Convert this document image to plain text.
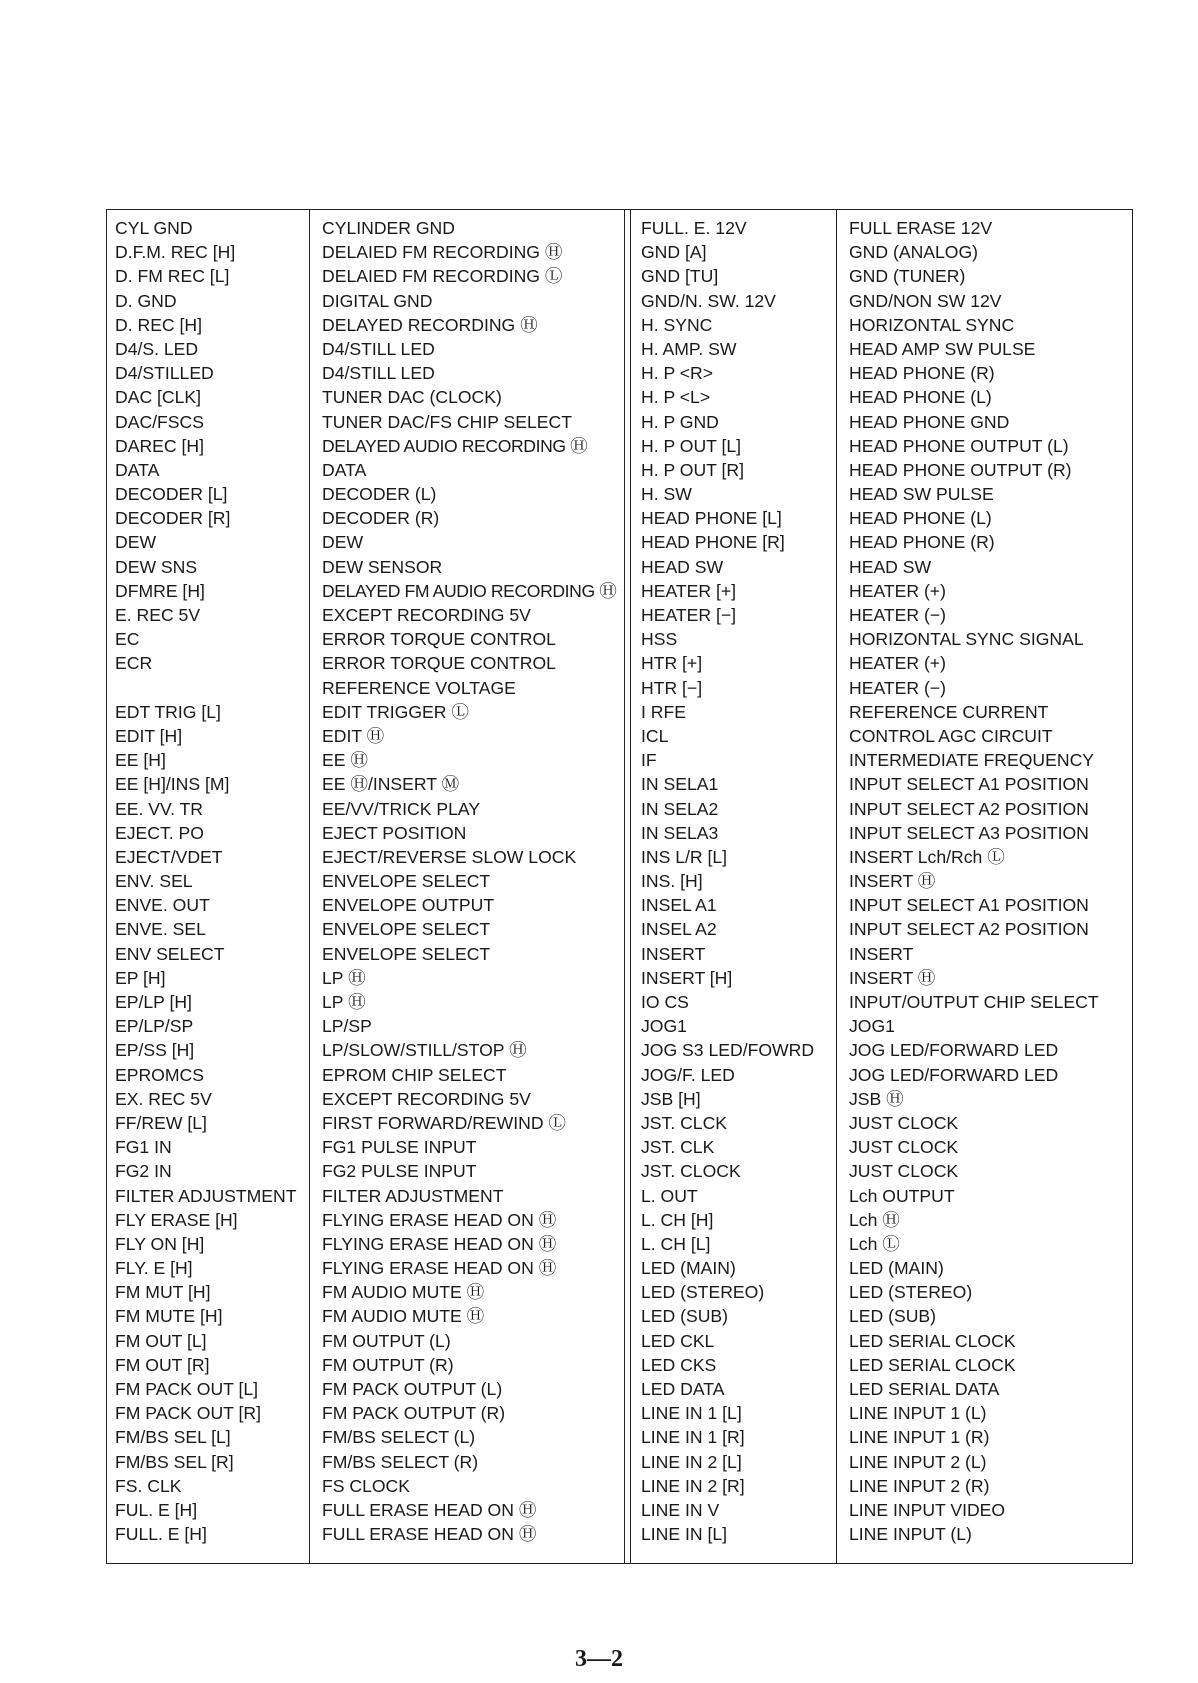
CYL GND
D.F.M. REC [H]
D. FM REC [L]
D. GND
D. REC [H]
D4/S. LED
D4/STILLED
DAC [CLK]
DAC/FSCS
DAREC [H]
DATA
DECODER [L]
DECODER [R]
DEW
DEW SNS
DFMRE [H]
E. REC 5V
EC
ECR
EDT TRIG [L]
EDIT [H]
EE [H]
EE [H]/INS [M]
EE. VV. TR
EJECT. PO
EJECT/VDET
ENV. SEL
ENVE. OUT
ENVE. SEL
ENV SELECT
EP [H]
EP/LP [H]
EP/LP/SP
EP/SS [H]
EPROMCS
EX. REC 5V
FF/REW [L]
FG1 IN
FG2 IN
FILTER ADJUSTMENT
FLY ERASE [H]
FLY ON [H]
FLY. E [H]
FM MUT [H]
FM MUTE [H]
FM OUT [L]
FM OUT [R]
FM PACK OUT [L]
FM PACK OUT [R]
FM/BS SEL [L]
FM/BS SEL [R]
FS. CLK
FUL. E [H]
FULL. E [H]
CYLINDER GND
DELAIED FM RECORDING Ⓗ
DELAIED FM RECORDING Ⓛ
DIGITAL GND
DELAYED RECORDING Ⓗ
D4/STILL LED
D4/STILL LED
TUNER DAC (CLOCK)
TUNER DAC/FS CHIP SELECT
DELAYED AUDIO RECORDING Ⓗ
DATA
DECODER (L)
DECODER (R)
DEW
DEW SENSOR
DELAYED FM AUDIO RECORDING Ⓗ
EXCEPT RECORDING 5V
ERROR TORQUE CONTROL
ERROR TORQUE CONTROL
REFERENCE VOLTAGE
EDIT TRIGGER Ⓛ
EDIT Ⓗ
EE Ⓗ
EE Ⓗ/INSERT Ⓜ
EE/VV/TRICK PLAY
EJECT POSITION
EJECT/REVERSE SLOW LOCK
ENVELOPE SELECT
ENVELOPE OUTPUT
ENVELOPE SELECT
ENVELOPE SELECT
LP Ⓗ
LP Ⓗ
LP/SP
LP/SLOW/STILL/STOP Ⓗ
EPROM CHIP SELECT
EXCEPT RECORDING 5V
FIRST FORWARD/REWIND Ⓛ
FG1 PULSE INPUT
FG2 PULSE INPUT
FILTER ADJUSTMENT
FLYING ERASE HEAD ON Ⓗ
FLYING ERASE HEAD ON Ⓗ
FLYING ERASE HEAD ON Ⓗ
FM AUDIO MUTE Ⓗ
FM AUDIO MUTE Ⓗ
FM OUTPUT (L)
FM OUTPUT (R)
FM PACK OUTPUT (L)
FM PACK OUTPUT (R)
FM/BS SELECT (L)
FM/BS SELECT (R)
FS CLOCK
FULL ERASE HEAD ON Ⓗ
FULL ERASE HEAD ON Ⓗ
FULL. E. 12V
GND [A]
GND [TU]
GND/N. SW. 12V
H. SYNC
H. AMP. SW
H. P <R>
H. P <L>
H. P GND
H. P OUT [L]
H. P OUT [R]
H. SW
HEAD PHONE [L]
HEAD PHONE [R]
HEAD SW
HEATER [+]
HEATER [−]
HSS
HTR [+]
HTR [−]
I RFE
ICL
IF
IN SELA1
IN SELA2
IN SELA3
INS L/R [L]
INS. [H]
INSEL A1
INSEL A2
INSERT
INSERT [H]
IO CS
JOG1
JOG S3 LED/FOWRD
JOG/F. LED
JSB [H]
JST. CLCK
JST. CLK
JST. CLOCK
L. OUT
L. CH [H]
L. CH [L]
LED (MAIN)
LED (STEREO)
LED (SUB)
LED CKL
LED CKS
LED DATA
LINE IN 1 [L]
LINE IN 1 [R]
LINE IN 2 [L]
LINE IN 2 [R]
LINE IN V
LINE IN [L]
FULL ERASE 12V
GND (ANALOG)
GND (TUNER)
GND/NON SW 12V
HORIZONTAL SYNC
HEAD AMP SW PULSE
HEAD PHONE (R)
HEAD PHONE (L)
HEAD PHONE GND
HEAD PHONE OUTPUT (L)
HEAD PHONE OUTPUT (R)
HEAD SW PULSE
HEAD PHONE (L)
HEAD PHONE (R)
HEAD SW
HEATER (+)
HEATER (−)
HORIZONTAL SYNC SIGNAL
HEATER (+)
HEATER (−)
REFERENCE CURRENT
CONTROL AGC CIRCUIT
INTERMEDIATE FREQUENCY
INPUT SELECT A1 POSITION
INPUT SELECT A2 POSITION
INPUT SELECT A3 POSITION
INSERT Lch/Rch Ⓛ
INSERT Ⓗ
INPUT SELECT A1 POSITION
INPUT SELECT A2 POSITION
INSERT
INSERT Ⓗ
INPUT/OUTPUT CHIP SELECT
JOG1
JOG LED/FORWARD LED
JOG LED/FORWARD LED
JSB Ⓗ
JUST CLOCK
JUST CLOCK
JUST CLOCK
Lch OUTPUT
Lch Ⓗ
Lch Ⓛ
LED (MAIN)
LED (STEREO)
LED (SUB)
LED SERIAL CLOCK
LED SERIAL CLOCK
LED SERIAL DATA
LINE INPUT 1 (L)
LINE INPUT 1 (R)
LINE INPUT 2 (L)
LINE INPUT 2 (R)
LINE INPUT VIDEO
LINE INPUT (L)
3—2
